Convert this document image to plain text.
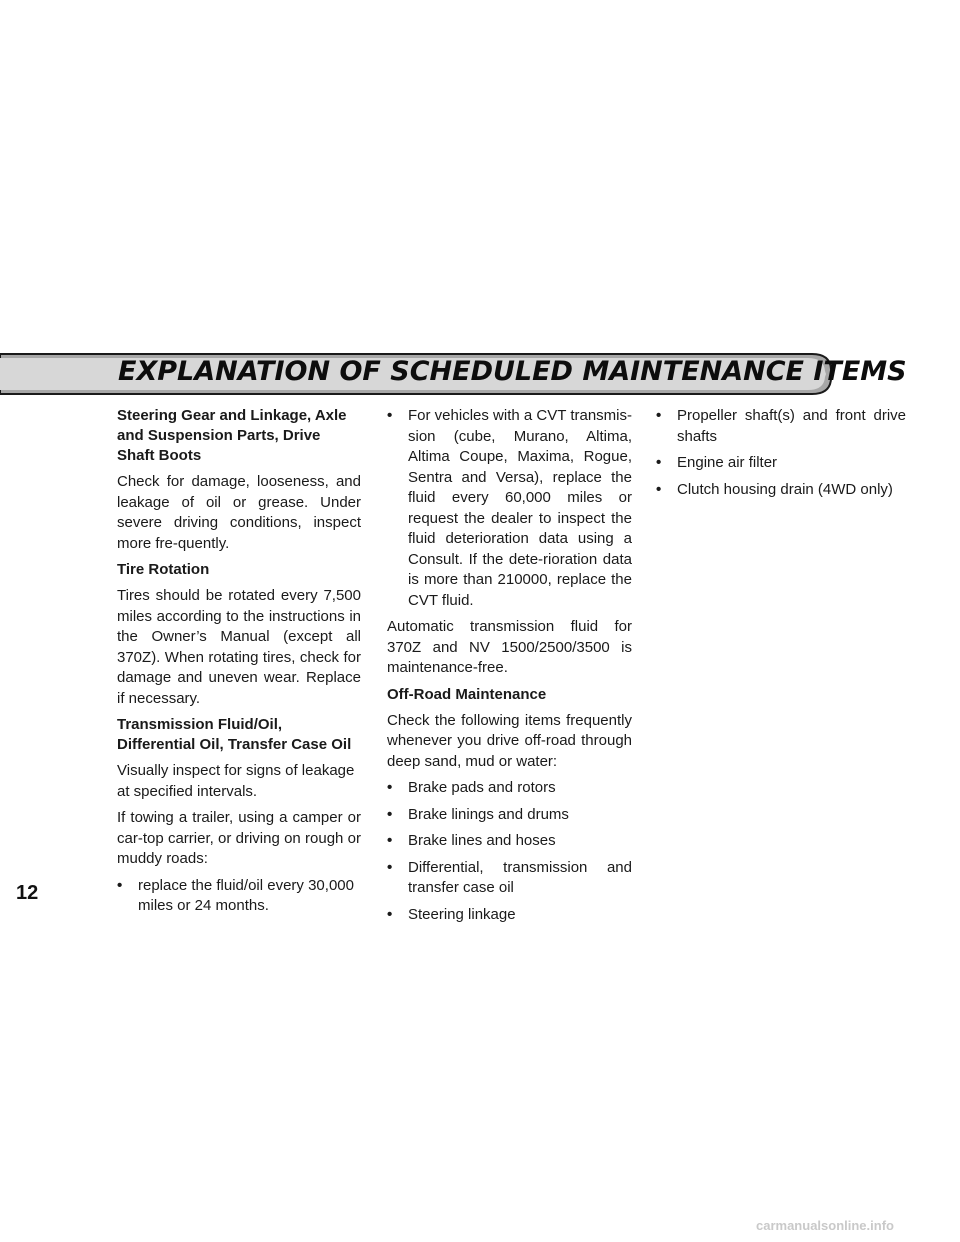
EXPLANATION OF SCHEDULED MAINTENANCE ITEMS
Steering Gear and Linkage, Axle and Suspension Parts, Drive Shaft Boots
Check for damage, looseness, and leakage of oil or grease. Under severe driving conditions, inspect more fre-quently.
Tire Rotation
Tires should be rotated every 7,500 miles according to the instructions in the Owner’s Manual (except all 370Z). When rotating tires, check for damage and uneven wear. Replace if necessary.
Transmission Fluid/Oil, Differential Oil, Transfer Case Oil
Visually inspect for signs of leakage at specified intervals.
If towing a trailer, using a camper or car-top carrier, or driving on rough or muddy roads:
• replace the fluid/oil every 30,000 miles or 24 months.
• For vehicles with a CVT transmis-sion (cube, Murano, Altima, Altima Coupe, Maxima, Rogue, Sentra and Versa), replace the fluid every 60,000 miles or request the dealer to inspect the fluid deterioration data using a Consult. If the dete-rioration data is more than 210000, replace the CVT fluid.
Automatic transmission fluid for 370Z and NV 1500/2500/3500 is maintenance-free.
Off-Road Maintenance
Check the following items frequently whenever you drive off-road through deep sand, mud or water:
• Brake pads and rotors
• Brake linings and drums
• Brake lines and hoses
• Differential, transmission and transfer case oil
• Steering linkage
• Propeller shaft(s) and front drive shafts
• Engine air filter
• Clutch housing drain (4WD only)
12
carmanualsonline.info
